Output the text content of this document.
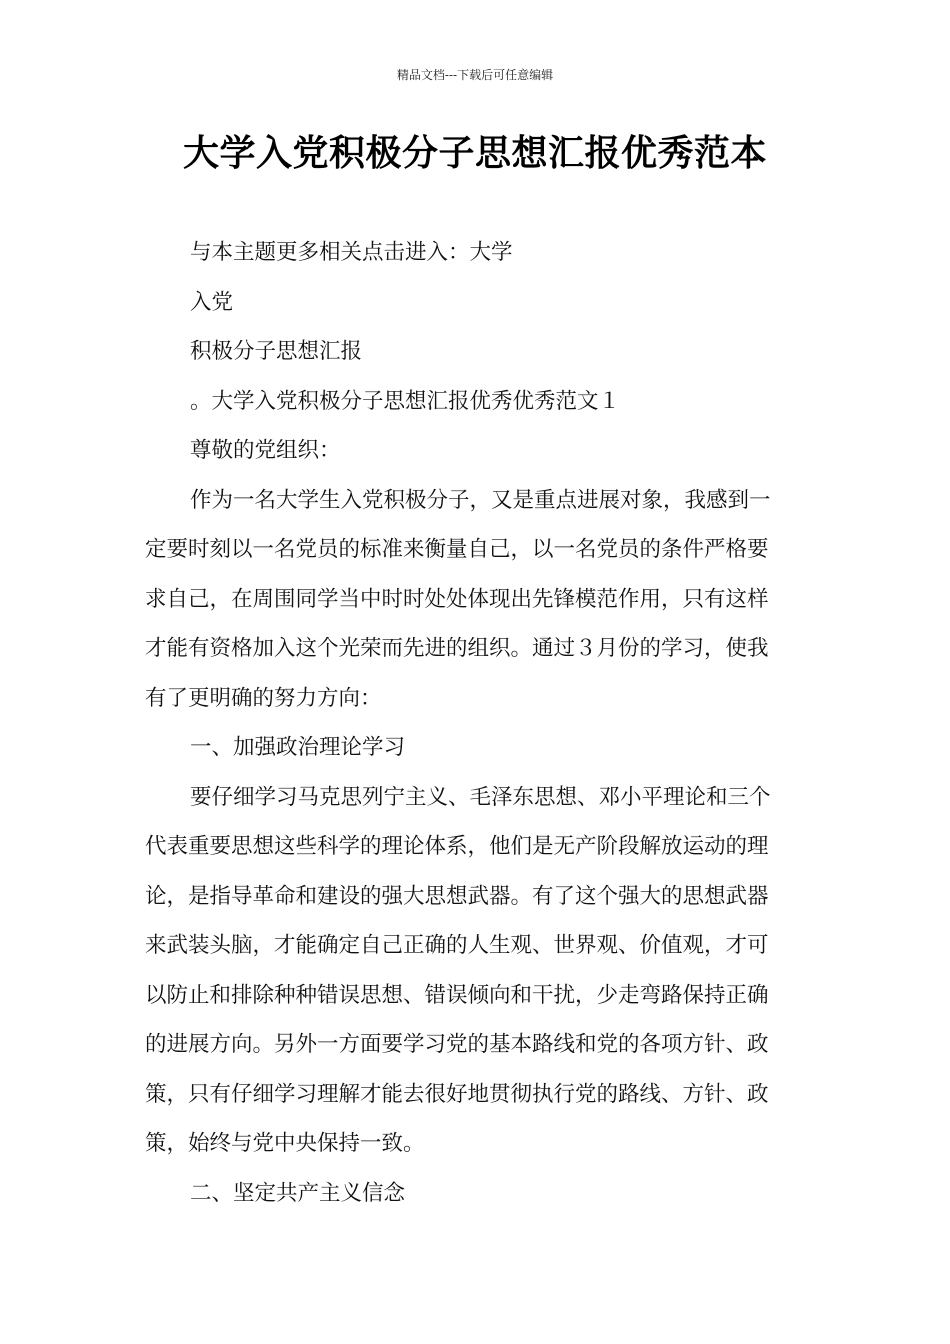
精品文档---下载后可任意编辑
大学入党积极分子思想汇报优秀范本
与本主题更多相关点击进入：大学
入党
积极分子思想汇报
。大学入党积极分子思想汇报优秀优秀范文１
尊敬的党组织：
作为一名大学生入党积极分子，又是重点进展对象，我感到一
定要时刻以一名党员的标准来衡量自己，以一名党员的条件严格要
求自己，在周围同学当中时时处处体现出先锋模范作用，只有这样
才能有资格加入这个光荣而先进的组织。通过３月份的学习，使我
有了更明确的努力方向：
一、加强政治理论学习
要仔细学习马克思列宁主义、毛泽东思想、邓小平理论和三个
代表重要思想这些科学的理论体系，他们是无产阶段解放运动的理
论，是指导革命和建设的强大思想武器。有了这个强大的思想武器
来武装头脑，才能确定自己正确的人生观、世界观、价值观，才可
以防止和排除种种错误思想、错误倾向和干扰，少走弯路保持正确
的进展方向。另外一方面要学习党的基本路线和党的各项方针、政
策，只有仔细学习理解才能去很好地贯彻执行党的路线、方针、政
策，始终与党中央保持一致。
二、坚定共产主义信念
